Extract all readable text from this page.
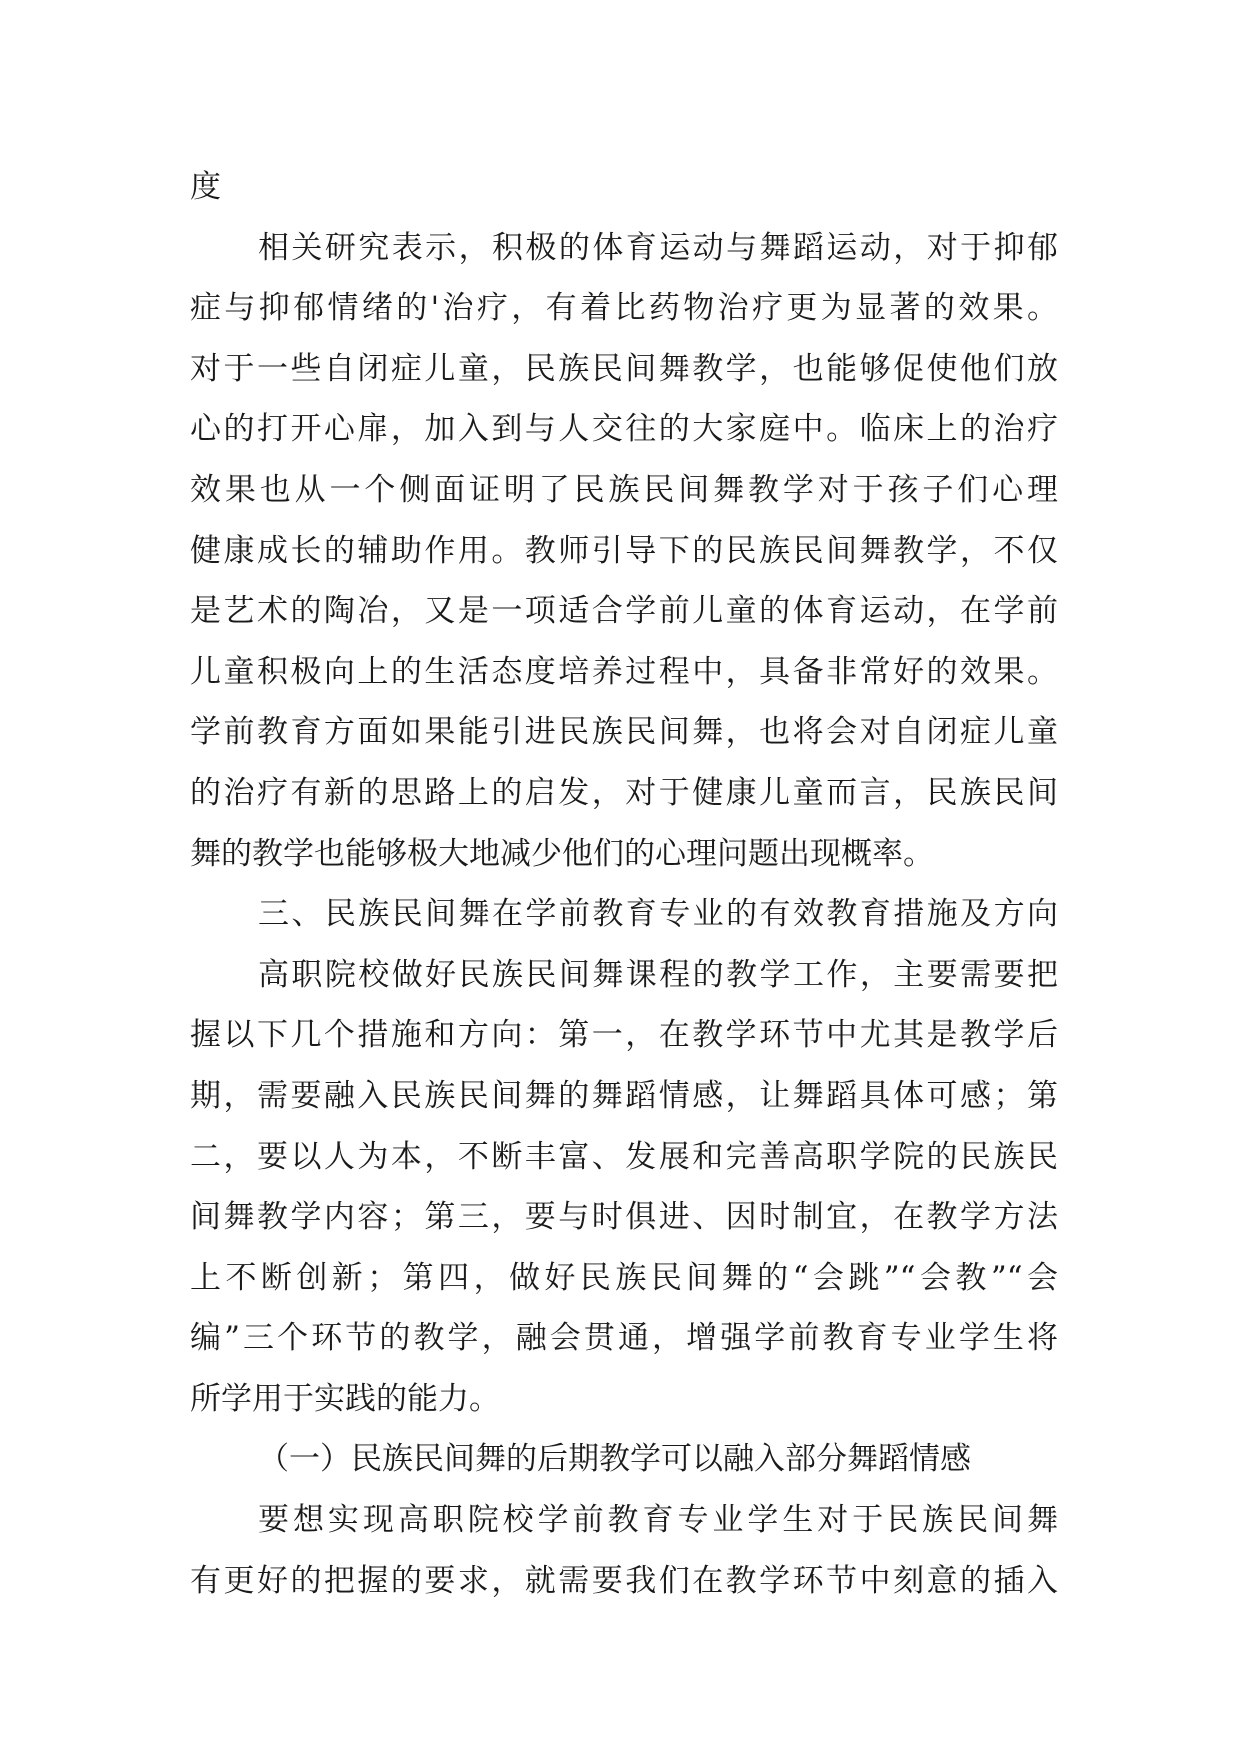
度
相关研究表示，积极的体育运动与舞蹈运动，对于抑郁
症与抑郁情绪的'治疗，有着比药物治疗更为显著的效果。
对于一些自闭症儿童，民族民间舞教学，也能够促使他们放
心的打开心扉，加入到与人交往的大家庭中。临床上的治疗
效果也从一个侧面证明了民族民间舞教学对于孩子们心理
健康成长的辅助作用。教师引导下的民族民间舞教学，不仅
是艺术的陶冶，又是一项适合学前儿童的体育运动，在学前
儿童积极向上的生活态度培养过程中，具备非常好的效果。
学前教育方面如果能引进民族民间舞，也将会对自闭症儿童
的治疗有新的思路上的启发，对于健康儿童而言，民族民间
舞的教学也能够极大地减少他们的心理问题出现概率。
三、民族民间舞在学前教育专业的有效教育措施及方向
高职院校做好民族民间舞课程的教学工作，主要需要把
握以下几个措施和方向：第一，在教学环节中尤其是教学后
期，需要融入民族民间舞的舞蹈情感，让舞蹈具体可感；第
二，要以人为本，不断丰富、发展和完善高职学院的民族民
间舞教学内容；第三，要与时俱进、因时制宜，在教学方法
上不断创新；第四，做好民族民间舞的“会跳”“会教”“会
编”三个环节的教学，融会贯通，增强学前教育专业学生将
所学用于实践的能力。
（一）民族民间舞的后期教学可以融入部分舞蹈情感
要想实现高职院校学前教育专业学生对于民族民间舞
有更好的把握的要求，就需要我们在教学环节中刻意的插入
